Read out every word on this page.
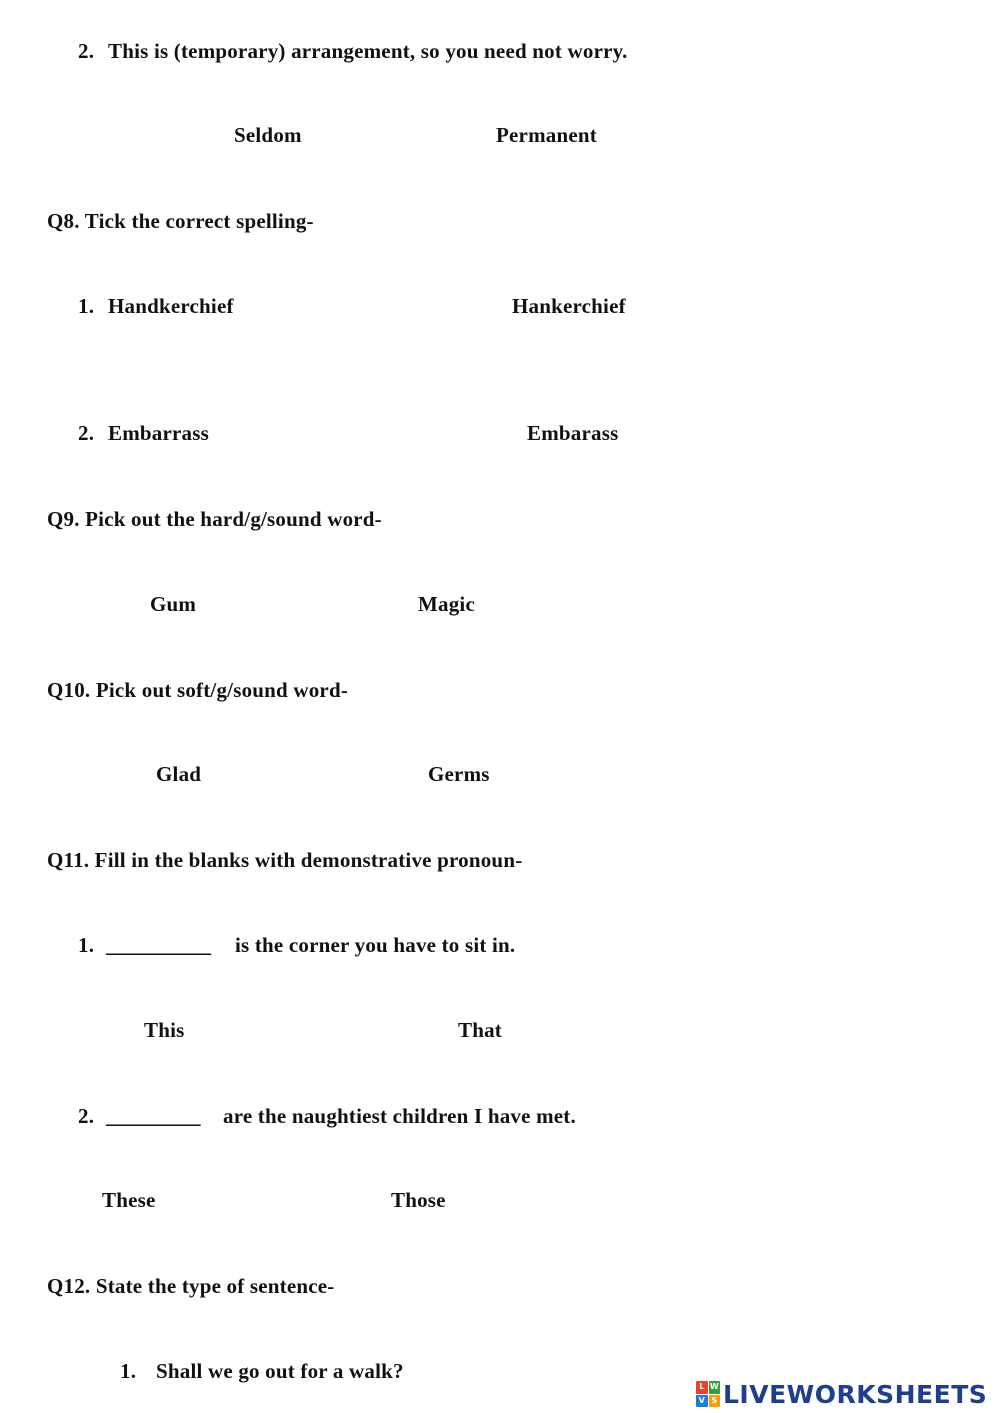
2. This is (temporary) arrangement, so you need not worry.
Seldom	Permanent
Q8. Tick the correct spelling-
1. Handkerchief	Hankerchief
2. Embarrass	Embarass
Q9. Pick out the hard/g/sound word-
Gum	Magic
Q10. Pick out soft/g/sound word-
Glad	Germs
Q11. Fill in the blanks with demonstrative pronoun-
1. __________ is the corner you have to sit in.
This	That
2. _________ are the naughtiest children I have met.
These	Those
Q12. State the type of sentence-
1. Shall we go out for a walk?
L W
V S LIVEWORKSHEETS
